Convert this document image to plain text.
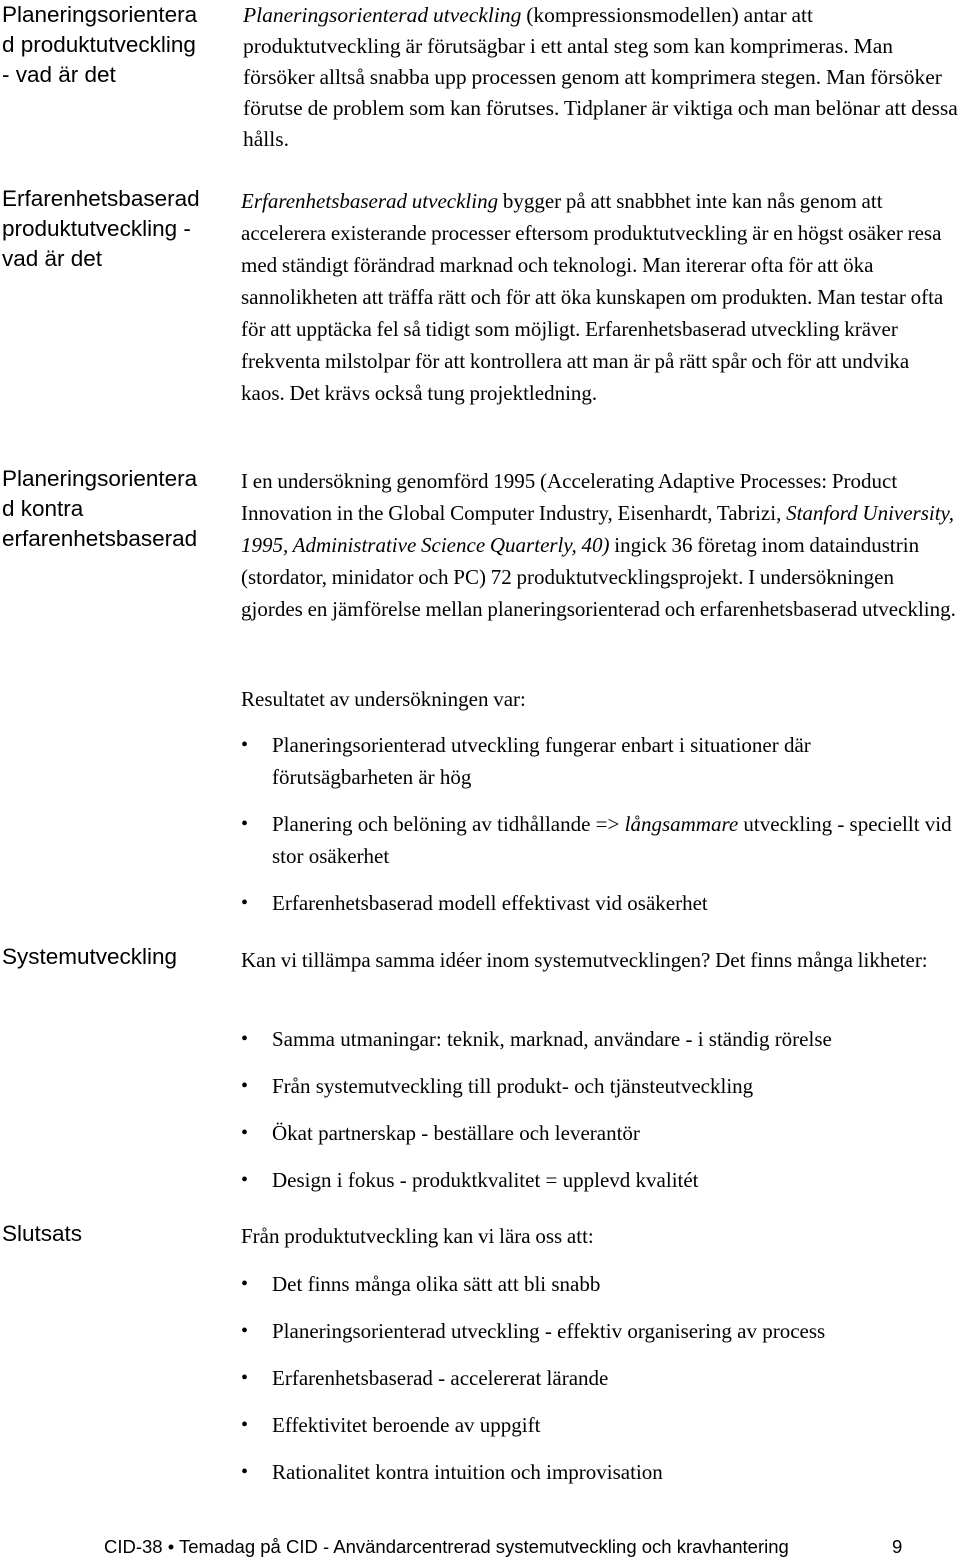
Planeringsorientera
d produktutveckling
- vad är det
Erfarenhetsbaserad
produktutveckling -
vad är det
Planeringsorientera
d kontra
erfarenhetsbaserad
Systemutveckling
Slutsats
Planeringsorienterad utveckling (kompressionsmodellen) antar att produktutveckling är förutsägbar i ett antal steg som kan komprimeras. Man försöker alltså snabba upp processen genom att komprimera stegen. Man försöker förutse de problem som kan förutses. Tidplaner är viktiga och man belönar att dessa hålls.
Erfarenhetsbaserad utveckling bygger på att snabbhet inte kan nås genom att accelerera existerande processer eftersom produktutveckling är en högst osäker resa med ständigt förändrad marknad och teknologi. Man itererar ofta för att öka sannolikheten att träffa rätt och för att öka kunskapen om produkten. Man testar ofta för att upptäcka fel så tidigt som möjligt. Erfarenhetsbaserad utveckling kräver frekventa milstolpar för att kontrollera att man är på rätt spår och för att undvika kaos. Det krävs också tung projektledning.
I en undersökning genomförd 1995 (Accelerating Adaptive Processes: Product Innovation in the Global Computer Industry, Eisenhardt, Tabrizi, Stanford University, 1995, Administrative Science Quarterly, 40) ingick 36 företag inom dataindustrin (stordator, minidator och PC) 72 produktutvecklingsprojekt. I undersökningen gjordes en jämförelse mellan planeringsorienterad och erfarenhetsbaserad utveckling.
Resultatet av undersökningen var:
• Planeringsorienterad utveckling fungerar enbart i situationer där förutsägbarheten är hög
• Planering och belöning av tidhållande => långsammare utveckling - speciellt vid stor osäkerhet
• Erfarenhetsbaserad modell effektivast vid osäkerhet
Kan vi tillämpa samma idéer inom systemutvecklingen? Det finns många likheter:
• Samma utmaningar: teknik, marknad, användare - i ständig rörelse
• Från systemutveckling till produkt- och tjänsteutveckling
• Ökat partnerskap - beställare och leverantör
• Design i fokus - produktkvalitet = upplevd kvalitét
Från produktutveckling kan vi lära oss att:
• Det finns många olika sätt att bli snabb
• Planeringsorienterad utveckling - effektiv organisering av process
• Erfarenhetsbaserad - accelererat lärande
• Effektivitet beroende av uppgift
• Rationalitet kontra intuition och improvisation
CID-38 • Temadag på CID - Användarcentrerad systemutveckling och kravhantering	9
